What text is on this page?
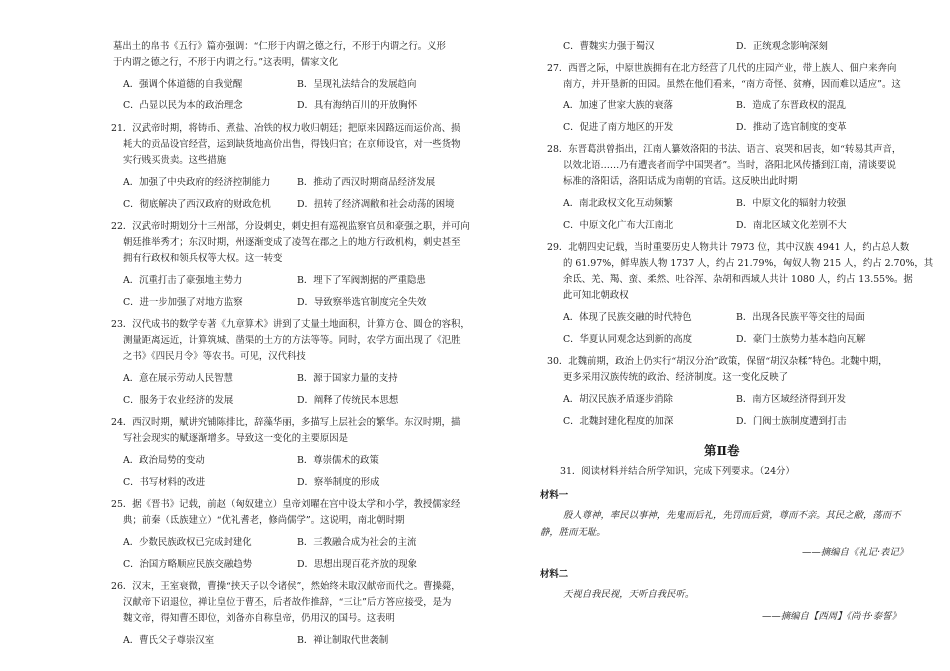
墓出土的帛书《五行》篇亦强调：“仁形于内谓之德之行，不形于内谓之行。义形
于内谓之德之行，不形于内谓之行。”这表明，儒家文化
A．强调个体道德的自我觉醒	B．呈现礼法结合的发展趋向
C．凸显以民为本的政治理念	D．具有海纳百川的开放胸怀
21．汉武帝时期，将铸币、煮盐、冶铁的权力收归朝廷；把原来因路远而运价高、损
耗大的贡品设官经营，运到缺货地高价出售，得钱归官；在京师设官，对一些货物
实行贱买贵卖。这些措施
A．加强了中央政府的经济控制能力	B．推动了西汉时期商品经济发展
C．彻底解决了西汉政府的财政危机	D．扭转了经济凋敝和社会动荡的困境
22．汉武帝时期划分十三州部，分设刺史，刺史担有巡视监察官员和豪强之职，并可向
朝廷推举秀才；东汉时期，州逐渐变成了凌驾在郡之上的地方行政机构，刺史甚至
拥有行政权和领兵权等大权。这一转变
A．沉重打击了豪强地主势力	B．埋下了军阀割据的严重隐患
C．进一步加强了对地方监察	D．导致察举选官制度完全失效
23．汉代成书的数学专著《九章算术》讲到了丈量土地面积，计算方仓、圆仓的容积，
测量距离远近，计算筑城、凿渠的土方的方法等等。同时，农学方面出现了《氾胜
之书》《四民月令》等农书。可见，汉代科技
A．意在展示劳动人民智慧	B．源于国家力量的支持
C．服务于农业经济的发展	D．阐释了传统民本思想
24．西汉时期，赋讲究铺陈排比，辞藻华丽，多描写上层社会的繁华。东汉时期，描
写社会现实的赋逐渐增多。导致这一变化的主要原因是
A．政治局势的变动	B．尊崇儒术的政策
C．书写材料的改进	D．察举制度的形成
25．据《晋书》记载，前赵（匈奴建立）皇帝刘曜在宫中设太学和小学，教授儒家经
典；前秦（氐族建立）“优礼耆老，修尚儒学”。这说明，南北朝时期
A．少数民族政权已完成封建化	B．三教融合成为社会的主流
C．治国方略顺应民族交融趋势	D．思想出现百花齐放的现象
26．汉末，王室衰微，曹操“挟天子以令诸侯”，然始终未取汉献帝而代之。曹操薨，
汉献帝下诏退位，禅让皇位于曹丕，后者故作推辞，“三让”后方答应接受，是为
魏文帝，得知曹丕即位，刘备亦自称皇帝，仍用汉的国号。这表明
A．曹氏父子尊崇汉室	B．禅让制取代世袭制
C．曹魏实力强于蜀汉	D．正统观念影响深刻
27．西晋之际，中原世族拥有在北方经营了几代的庄园产业，带上族人、佃户来奔向
南方，并开垦新的田园。虽然在他们看来，“南方奇怪、贫瘠，因而难以适应”。这
A．加速了世家大族的衰落	B．造成了东晋政权的混乱
C．促进了南方地区的开发	D．推动了选官制度的变革
28．东晋葛洪曾指出，江南人纂效洛阳的书法、语言、哀哭和居丧，如“转易其声音，
以效北语……乃有遭丧者而学中国哭者”。当时，洛阳北风传播到江南，清谈要说
标准的洛阳话，洛阳话成为南朝的官话。这反映出此时期
A．南北政权文化互动频繁	B．中原文化的辐射力较强
C．中原文化广布大江南北	D．南北区域文化差别不大
29．北朝四史记载，当时重要历史人物共计 7973 位，其中汉族 4941 人，约占总人数
的 61.97%，鲜卑族人物 1737 人，约占 21.79%，匈奴人物 215 人，约占 2.70%，其
余氐、羌、羯、蛮、柔然、吐谷浑、杂胡和西域人共计 1080 人，约占 13.55%。据
此可知北朝政权
A．体现了民族交融的时代特色	B．出现各民族平等交往的局面
C．华夏认同观念达到新的高度	D．豪门士族势力基本趋向瓦解
30．北魏前期，政治上仍实行“胡汉分治”政策，保留“胡汉杂糅”特色。北魏中期，
更多采用汉族传统的政治、经济制度。这一变化反映了
A．胡汉民族矛盾逐步消除	B．南方区域经济得到开发
C．北魏封建化程度的加深	D．门阀士族制度遭到打击
第Ⅱ卷
31．阅读材料并结合所学知识，完成下列要求。（24分）
材料一
殷人尊神，率民以事神，先鬼而后礼，先罚而后赏，尊而不亲。其民之敝，荡而不
静，胜而无耻。
——摘编自《礼记·表记》
材料二
天视自我民视，天听自我民听。
——摘编自【西周】《尚书·泰誓》
